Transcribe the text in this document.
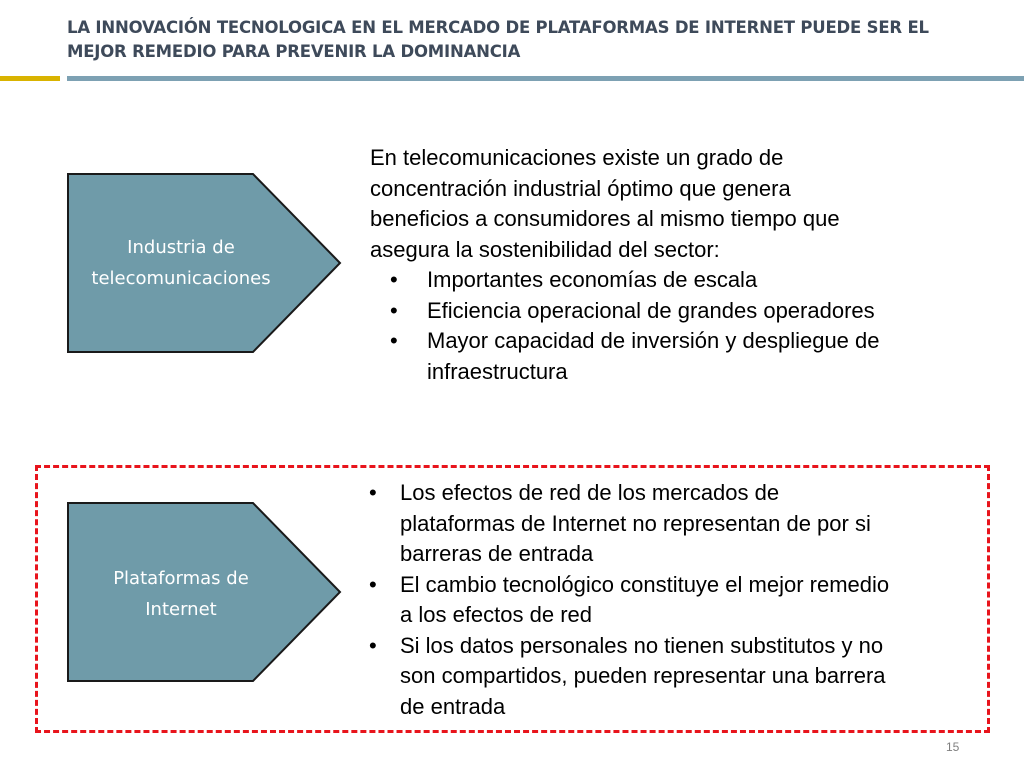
LA INNOVACIÓN TECNOLOGICA EN EL MERCADO DE PLATAFORMAS DE INTERNET PUEDE SER EL
MEJOR REMEDIO PARA PREVENIR LA DOMINANCIA
Industria de
telecomunicaciones
En telecomunicaciones existe un grado de
concentración industrial óptimo que genera
beneficios a consumidores al mismo tiempo que
asegura la sostenibilidad del sector:
• Importantes economías de escala
• Eficiencia operacional de grandes operadores
• Mayor capacidad de inversión y despliegue de
infraestructura
Plataformas de
Internet
• Los efectos de red de los mercados de
plataformas de Internet no representan de por si
barreras de entrada
• El cambio tecnológico constituye el mejor remedio
a los efectos de red
• Si los datos personales no tienen substitutos y no
son compartidos, pueden representar una barrera
de entrada
15
